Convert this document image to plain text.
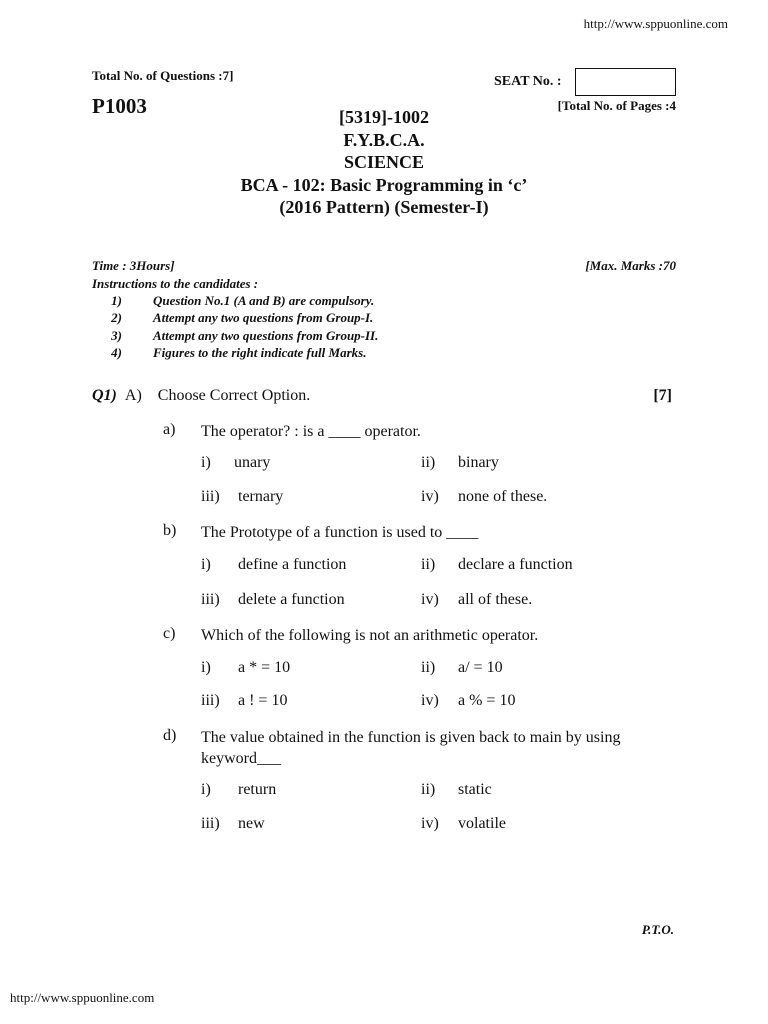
http://www.sppuonline.com
Total No. of Questions :7]	SEAT No. :
P1003	[Total No. of Pages :4
[5319]-1002
F.Y.B.C.A.
SCIENCE
BCA - 102: Basic Programming in ‘c’
(2016 Pattern) (Semester-I)
Time : 3Hours]	[Max. Marks :70
Instructions to the candidates :
1) Question No.1 (A and B) are compulsory.
2) Attempt any two questions from Group-I.
3) Attempt any two questions from Group-II.
4) Figures to the right indicate full Marks.
Q1) A) Choose Correct Option.	[7]
a) The operator? : is a ____ operator.
i) unary	ii) binary
iii) ternary	iv) none of these.
b) The Prototype of a function is used to ____
i) define a function	ii) declare a function
iii) delete a function	iv) all of these.
c) Which of the following is not an arithmetic operator.
i) a * = 10	ii) a/ = 10
iii) a ! = 10	iv) a % = 10
d) The value obtained in the function is given back to main by using keyword___
i) return	ii) static
iii) new	iv) volatile
P.T.O.
http://www.sppuonline.com
